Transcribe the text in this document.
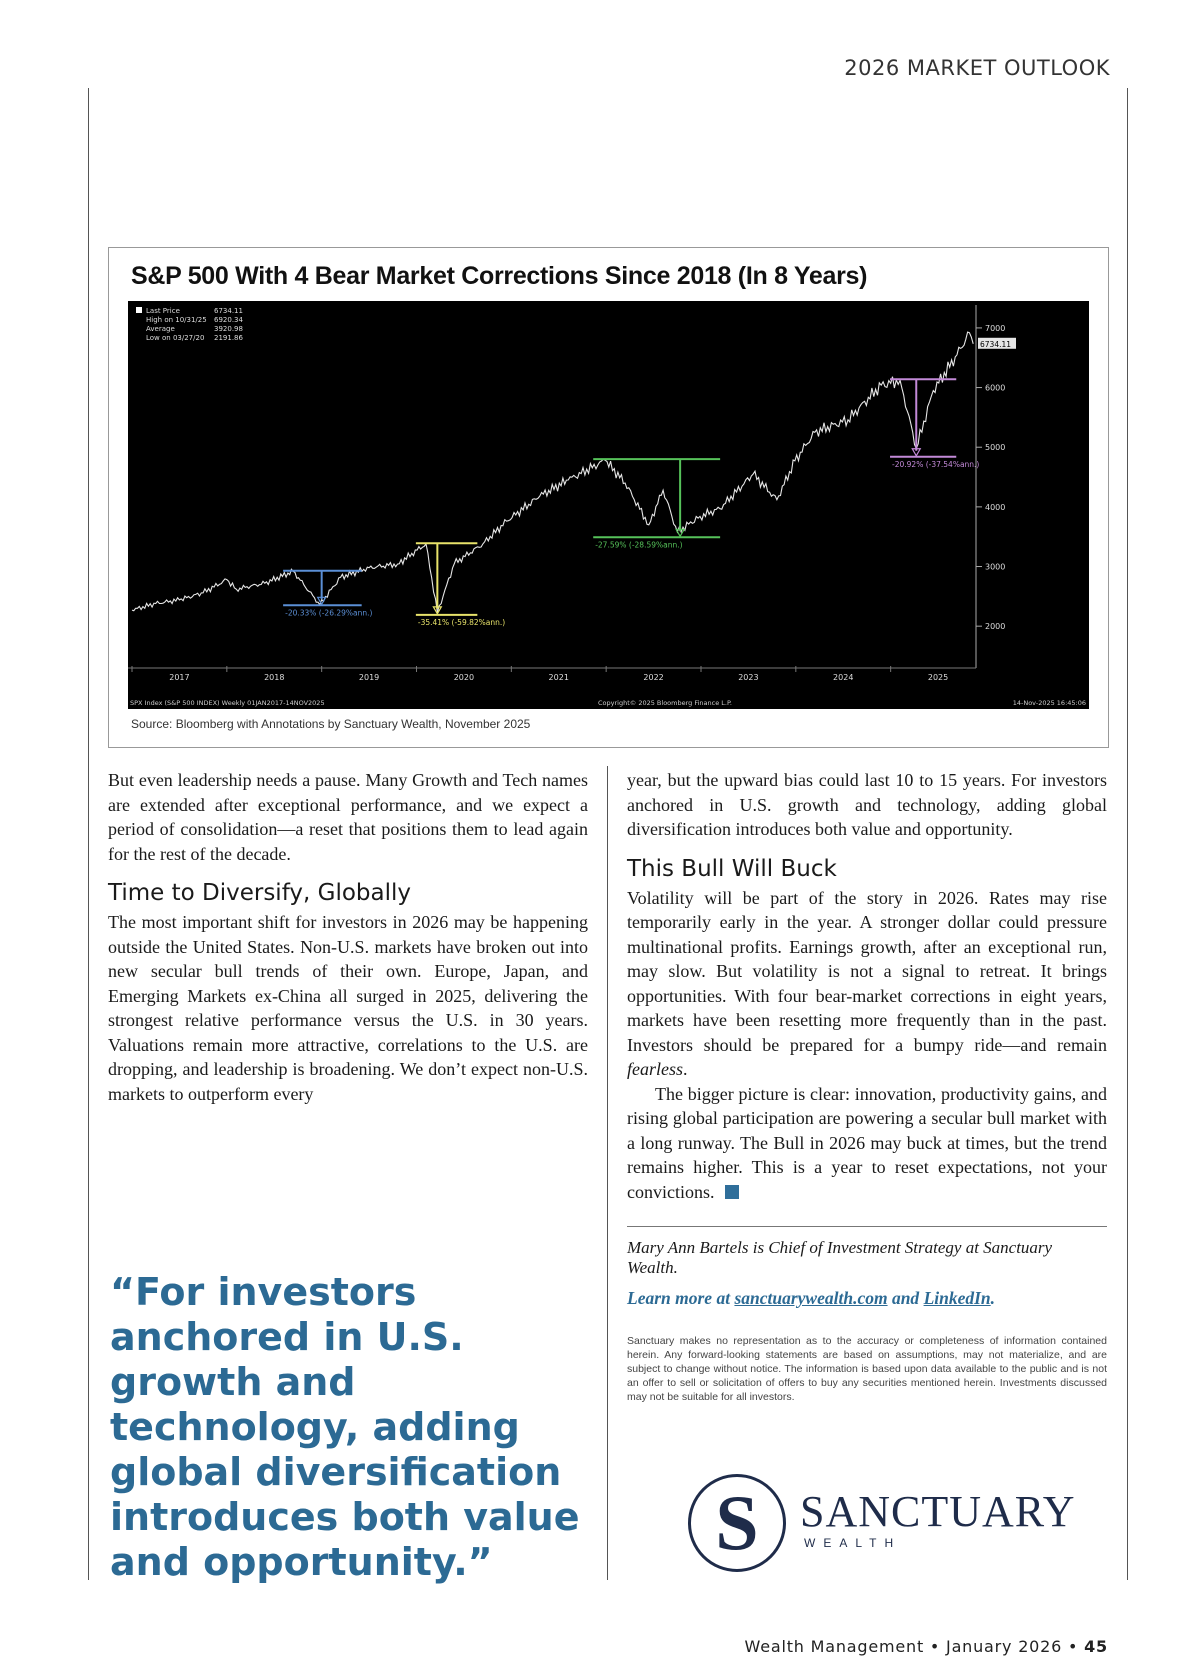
2026 MARKET OUTLOOK
S&P 500 With 4 Bear Market Corrections Since 2018 (In 8 Years)
2000
3000
4000
5000
6000
7000
2017	2018	2019	2020	2021	2022	2023	2024	2025
6734.11
-20.33% (-26.29%ann.)
-35.41% (-59.82%ann.)
-27.59% (-28.59%ann.)
-20.92% (-37.54%ann.)
Last Price	6734.11
High on 10/31/25 6920.34
Average	3920.98
Low on 03/27/20 2191.86
SPX Index (S&P 500 INDEX) Weekly 01JAN2017-14NOV2025	Copyright© 2025 Bloomberg Finance L.P.	14-Nov-2025 16:45:06
Source: Bloomberg with Annotations by Sanctuary Wealth, November 2025

But even leadership needs a pause. Many Growth and Tech names are extended after exceptional performance, and we expect a period of consolidation—a reset that positions them to lead again for the rest of the decade.

Time to Diversify, Globally

The most important shift for investors in 2026 may be happening outside the United States. Non-U.S. markets have broken out into new secular bull trends of their own. Europe, Japan, and Emerging Markets ex-China all surged in 2025, delivering the strongest relative performance versus the U.S. in 30 years. Valuations remain more attractive, correlations to the U.S. are dropping, and leadership is broadening. We don’t expect non-U.S. markets to outperform every

year, but the upward bias could last 10 to 15 years. For investors anchored in U.S. growth and technology, adding global diversification introduces both value and opportunity.

This Bull Will Buck

Volatility will be part of the story in 2026. Rates may rise temporarily early in the year. A stronger dollar could pressure multinational profits. Earnings growth, after an exceptional run, may slow. But volatility is not a signal to retreat. It brings opportunities. With four bear-market corrections in eight years, markets have been resetting more frequently than in the past. Investors should be prepared for a bumpy ride—and remain fearless.

The bigger picture is clear: innovation, productivity gains, and rising global participation are powering a secular bull market with a long runway. The Bull in 2026 may buck at times, but the trend remains higher. This is a year to reset expectations, not your convictions.

“For investors anchored in U.S. growth and technology, adding global diversification introduces both value and opportunity.”
Mary Ann Bartels is Chief of Investment Strategy at Sanctuary Wealth.
Learn more at sanctuarywealth.com and LinkedIn.
Sanctuary makes no representation as to the accuracy or completeness of information contained herein. Any forward-looking statements are based on assumptions, may not materialize, and are subject to change without notice. The information is based upon data available to the public and is not an offer to sell or solicitation of offers to buy any securities mentioned herein. Investments discussed may not be suitable for all investors.
S SANCTUARY
WEALTH
Wealth Management • January 2026 • 45
